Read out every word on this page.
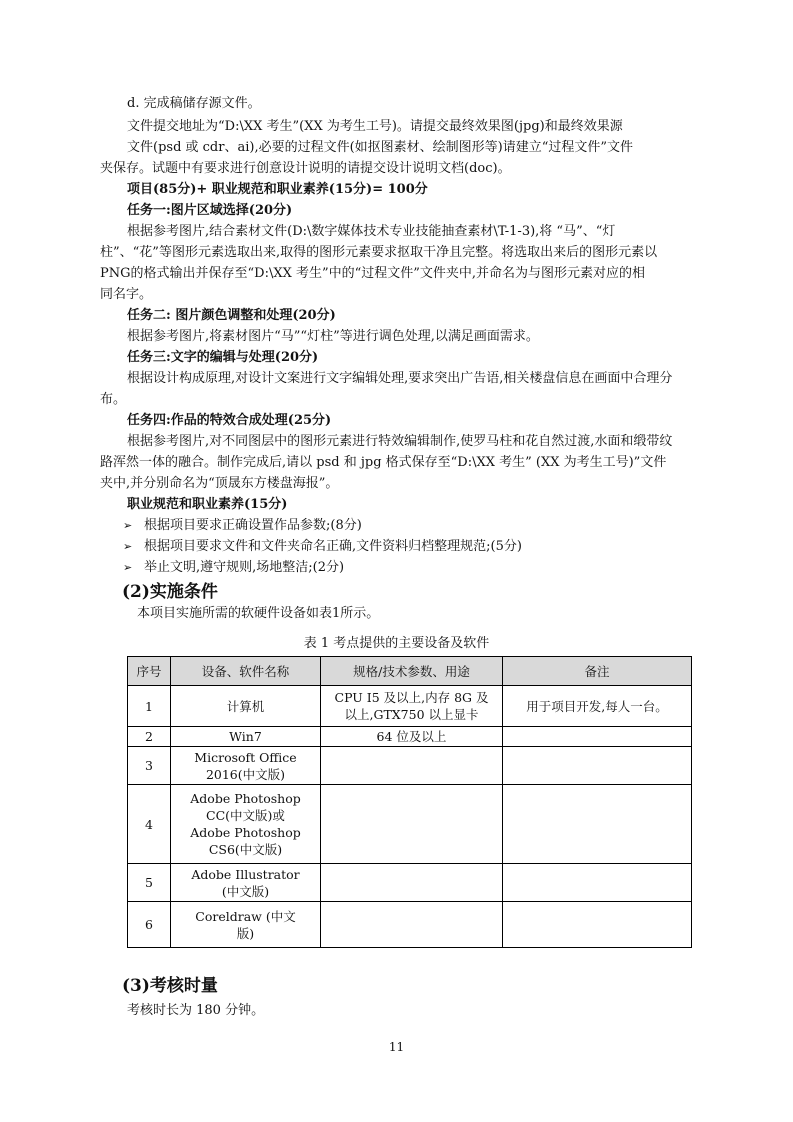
d. 完成稿储存源文件。
文件提交地址为“D:\XX 考生”(XX 为考生工号)。请提交最终效果图(jpg)和最终效果源
文件(psd 或 cdr、ai),必要的过程文件(如抠图素材、绘制图形等)请建立“过程文件”文件
夹保存。试题中有要求进行创意设计说明的请提交设计说明文档(doc)。
项目(85分)+ 职业规范和职业素养(15分)= 100分
任务一:图片区域选择(20分)
根据参考图片,结合素材文件(D:\数字媒体技术专业技能抽查素材\T-1-3),将 “马”、“灯
柱”、“花”等图形元素选取出来,取得的图形元素要求抠取干净且完整。将选取出来后的图形元素以
PNG的格式输出并保存至“D:\XX 考生”中的“过程文件”文件夹中,并命名为与图形元素对应的相
同名字。
任务二: 图片颜色调整和处理(20分)
根据参考图片,将素材图片“马”“灯柱”等进行调色处理,以满足画面需求。
任务三:文字的编辑与处理(20分)
根据设计构成原理,对设计文案进行文字编辑处理,要求突出广告语,相关楼盘信息在画面中合理分
布。
任务四:作品的特效合成处理(25分)
根据参考图片,对不同图层中的图形元素进行特效编辑制作,使罗马柱和花自然过渡,水面和缎带纹
路浑然一体的融合。制作完成后,请以 psd 和 jpg 格式保存至“D:\XX 考生” (XX 为考生工号)”文件
夹中,并分别命名为“顶晟东方楼盘海报”。
职业规范和职业素养(15分)
➢ 根据项目要求正确设置作品参数;(8分)
➢ 根据项目要求文件和文件夹命名正确,文件资料归档整理规范;(5分)
➢ 举止文明,遵守规则,场地整洁;(2分)
(2)实施条件
本项目实施所需的软硬件设备如表1所示。
表 1 考点提供的主要设备及软件
序号	设备、软件名称	规格/技术参数、用途	备注
1	计算机	CPU I5 及以上,内存 8G 及
以上,GTX750 以上显卡	用于项目开发,每人一台。
2	Win7	64 位及以上	
3	Microsoft Office
2016(中文版)		
4	Adobe Photoshop
CC(中文版)或
Adobe Photoshop
CS6(中文版)		
5	Adobe Illustrator
(中文版)		
6	Coreldraw (中文
版)		
(3)考核时量
考核时长为 180 分钟。
11
